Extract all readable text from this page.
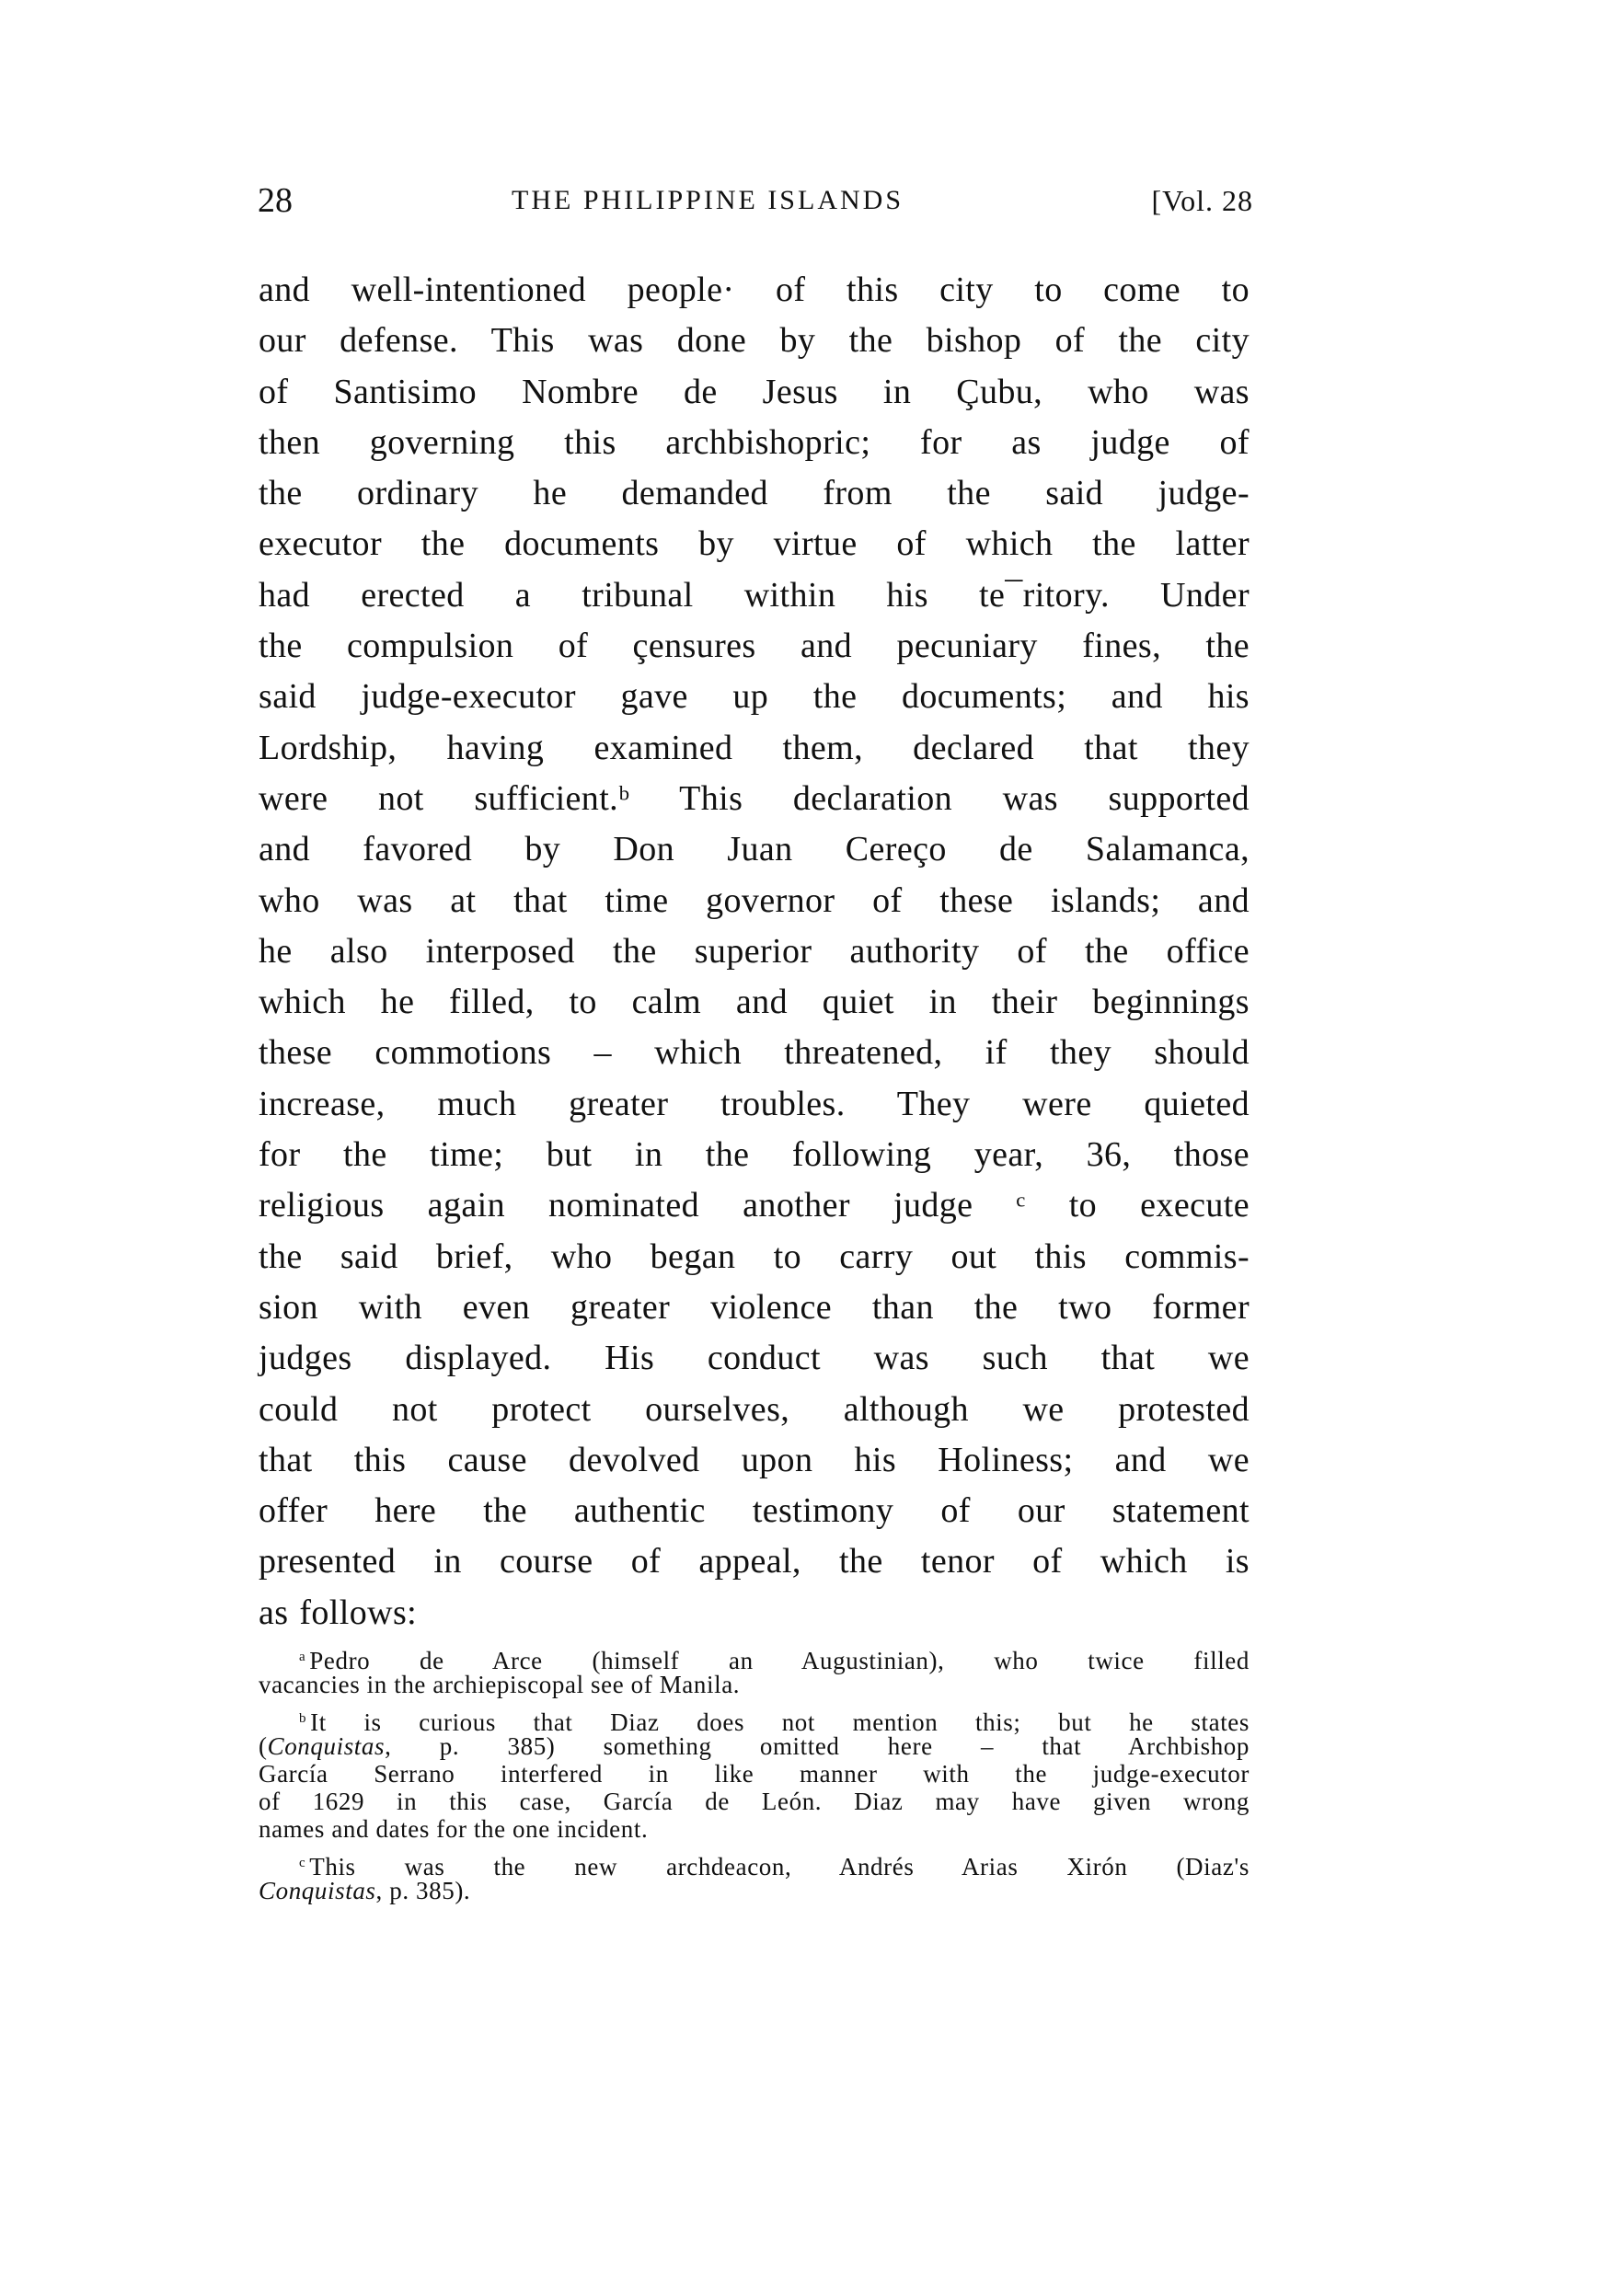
28	THE PHILIPPINE ISLANDS	[Vol. 28
and well-intentioned people· of this city to come to
our defense. This was done by the bishop of the city
of Santisimo Nombre de Jesus in Çubu, who was
then governing this archbishopric; for as judge of
the ordinary he demanded from the said judge-
executor the documents by virtue of which the latter
had erected a tribunal within his te¯ritory. Under
the compulsion of çensures and pecuniary fines, the
said judge-executor gave up the documents; and his
Lordship, having examined them, declared that they
were not sufficient.ᵇ This declaration was supported
and favored by Don Juan Cereço de Salamanca,
who was at that time governor of these islands; and
he also interposed the superior authority of the office
which he filled, to calm and quiet in their beginnings
these commotions – which threatened, if they should
increase, much greater troubles. They were quieted
for the time; but in the following year, 36, those
religious again nominated another judge ᶜ to execute
the said brief, who began to carry out this commis-
sion with even greater violence than the two former
judges displayed. His conduct was such that we
could not protect ourselves, although we protested
that this cause devolved upon his Holiness; and we
offer here the authentic testimony of our statement
presented in course of appeal, the tenor of which is
as follows:
$^a$ Pedro de Arce (himself an Augustinian), who twice filled
vacancies in the archiepiscopal see of Manila.
$^b$ It is curious that Diaz does not mention this; but he states
(Conquistas, p. 385) something omitted here – that Archbishop
García Serrano interfered in like manner with the judge-executor
of 1629 in this case, García de León. Diaz may have given wrong
names and dates for the one incident.
$^c$ This was the new archdeacon, Andrés Arias Xirón (Diaz's
Conquistas, p. 385).
